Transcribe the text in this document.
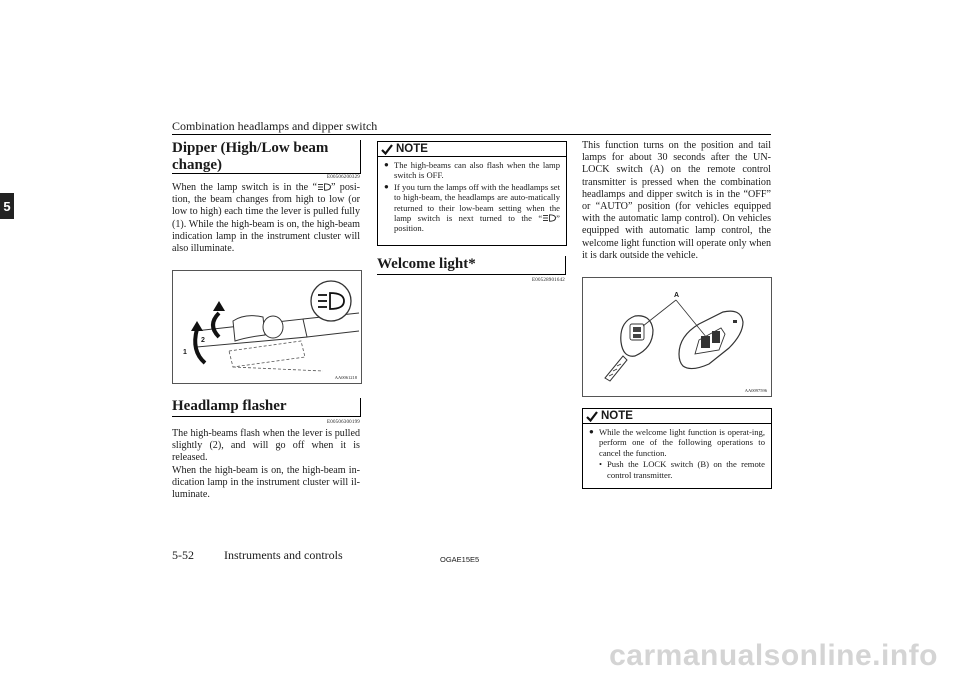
Combination headlamps and dipper switch
5
Dipper (High/Low beam
change)
E00506200329
When the lamp switch is in the “ ” posi-tion, the beam changes from high to low (or low to high) each time the lever is pulled fully (1). While the high-beam is on, the high-beam indication lamp in the instrument cluster will also illuminate.
1
2
AA0061218
Headlamp flasher
E00506300199
The high-beams flash when the lever is pulled slightly (2), and will go off when it is released.
When the high-beam is on, the high-beam in-dication lamp in the instrument cluster will il-luminate.
NOTE
● The high-beams can also flash when the lamp switch is OFF.
● If you turn the lamps off with the headlamps set to high-beam, the headlamps are auto-matically returned to their low-beam setting when the lamp switch is next turned to the “ ” position.
Welcome light*
E00528901642
This function turns on the position and tail lamps for about 30 seconds after the UN-LOCK switch (A) on the remote control transmitter is pressed when the combination headlamps and dipper switch is in the “OFF” or “AUTO” position (for vehicles equipped with the automatic lamp control). On vehicles equipped with automatic lamp control, the welcome light function will operate only when it is dark outside the vehicle.
A
AA0097596
NOTE
● While the welcome light function is operat-ing, perform one of the following operations to cancel the function.
• Push the LOCK switch (B) on the remote control transmitter.
5-52	Instruments and controls	OGAE15E5
carmanualsonline.info
